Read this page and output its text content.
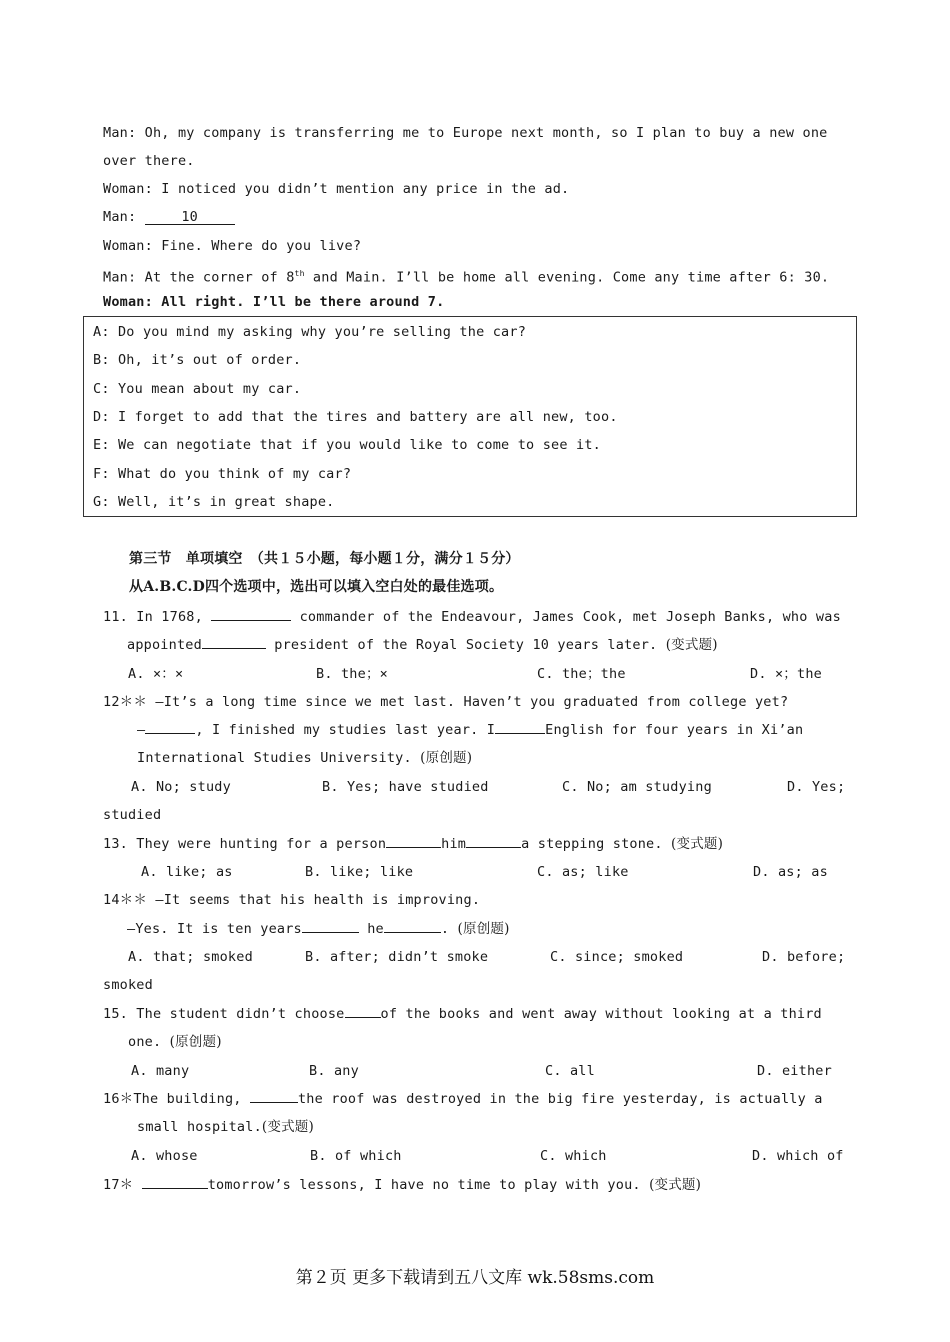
Man: Oh, my company is transferring me to Europe next month, so I plan to buy a new one
over there.
Woman: I noticed you didn’t mention any price in the ad.
Man:	10
Woman: Fine. Where do you live?
Man: At the corner of 8th and Main. I’ll be home all evening. Come any time after 6: 30.
Woman: All right. I’ll be there around 7.
A: Do you mind my asking why you’re selling the car?
B: Oh, it’s out of order.
C: You mean about my car.
D: I forget to add that the tires and battery are all new, too.
E: We can negotiate that if you would like to come to see it.
F: What do you think of my car?
G: Well, it’s in great shape.
第三节　单项填空　（共１５小题，每小题１分，满分１５分）
从A.B.C.D四个选项中，选出可以填入空白处的最佳选项。
11. In 1768,	commander of the Endeavour, James Cook, met Joseph Banks, who was
appointed	president of the Royal Society 10 years later. (变式题)
A. ×：×	B. the；×	C. the；the	D. ×；the
12＊＊ —It’s a long time since we met last. Haven’t you graduated from college yet?
—	, I finished my studies last year. I	English for four years in Xi’an
International Studies University. (原创题)
A. No; study	B. Yes; have studied	C. No; am studying	D. Yes;
studied
13. They were hunting for a person	him	a stepping stone. (变式题)
A. like; as	B. like; like	C. as; like	D. as; as
14＊＊ —It seems that his health is improving.
—Yes. It is ten years	he	. (原创题)
A. that; smoked	B. after; didn’t smoke	C. since; smoked	D. before;
smoked
15. The student didn’t choose	of the books and went away without looking at a third
one. (原创题)
A. many	B. any	C. all	D. either
16＊The building,	the roof was destroyed in the big fire yesterday, is actually a
small hospital.(变式题)
A. whose	B. of which	C. which	D. which of
17＊	tomorrow’s lessons, I have no time to play with you. (变式题)
第２页 更多下载请到五八文库 wk.58sms.com
